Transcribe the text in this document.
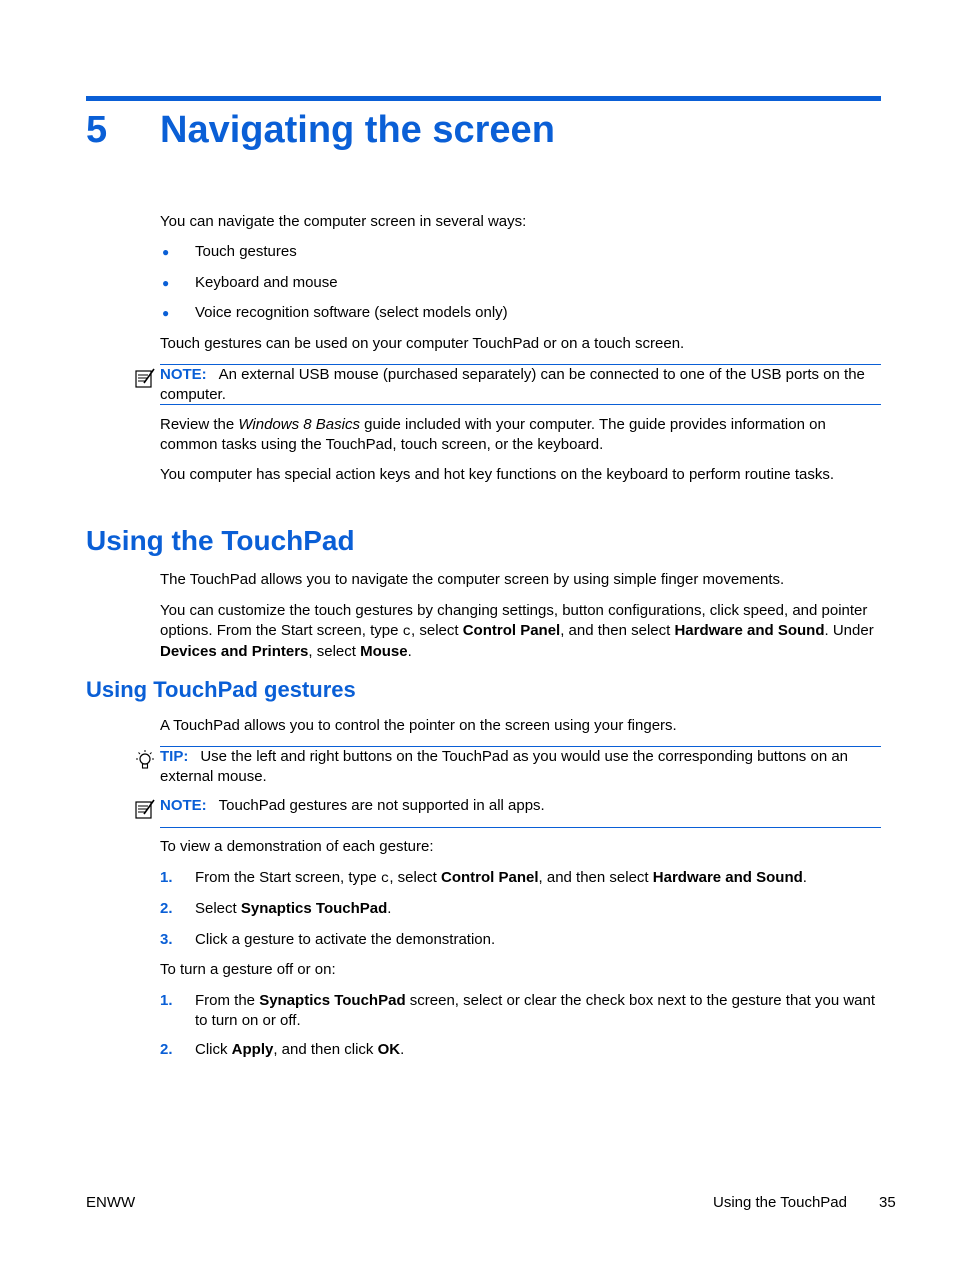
5 Navigating the screen
You can navigate the computer screen in several ways:
● Touch gestures
● Keyboard and mouse
● Voice recognition software (select models only)
Touch gestures can be used on your computer TouchPad or on a touch screen.
NOTE: An external USB mouse (purchased separately) can be connected to one of the USB ports on the computer.
Review the Windows 8 Basics guide included with your computer. The guide provides information on common tasks using the TouchPad, touch screen, or the keyboard.
You computer has special action keys and hot key functions on the keyboard to perform routine tasks.
Using the TouchPad
The TouchPad allows you to navigate the computer screen by using simple finger movements.
You can customize the touch gestures by changing settings, button configurations, click speed, and pointer options. From the Start screen, type c, select Control Panel, and then select Hardware and Sound. Under Devices and Printers, select Mouse.
Using TouchPad gestures
A TouchPad allows you to control the pointer on the screen using your fingers.
TIP: Use the left and right buttons on the TouchPad as you would use the corresponding buttons on an external mouse.
NOTE: TouchPad gestures are not supported in all apps.
To view a demonstration of each gesture:
1. From the Start screen, type c, select Control Panel, and then select Hardware and Sound.
2. Select Synaptics TouchPad.
3. Click a gesture to activate the demonstration.
To turn a gesture off or on:
1. From the Synaptics TouchPad screen, select or clear the check box next to the gesture that you want to turn on or off.
2. Click Apply, and then click OK.
ENWW	Using the TouchPad 35
